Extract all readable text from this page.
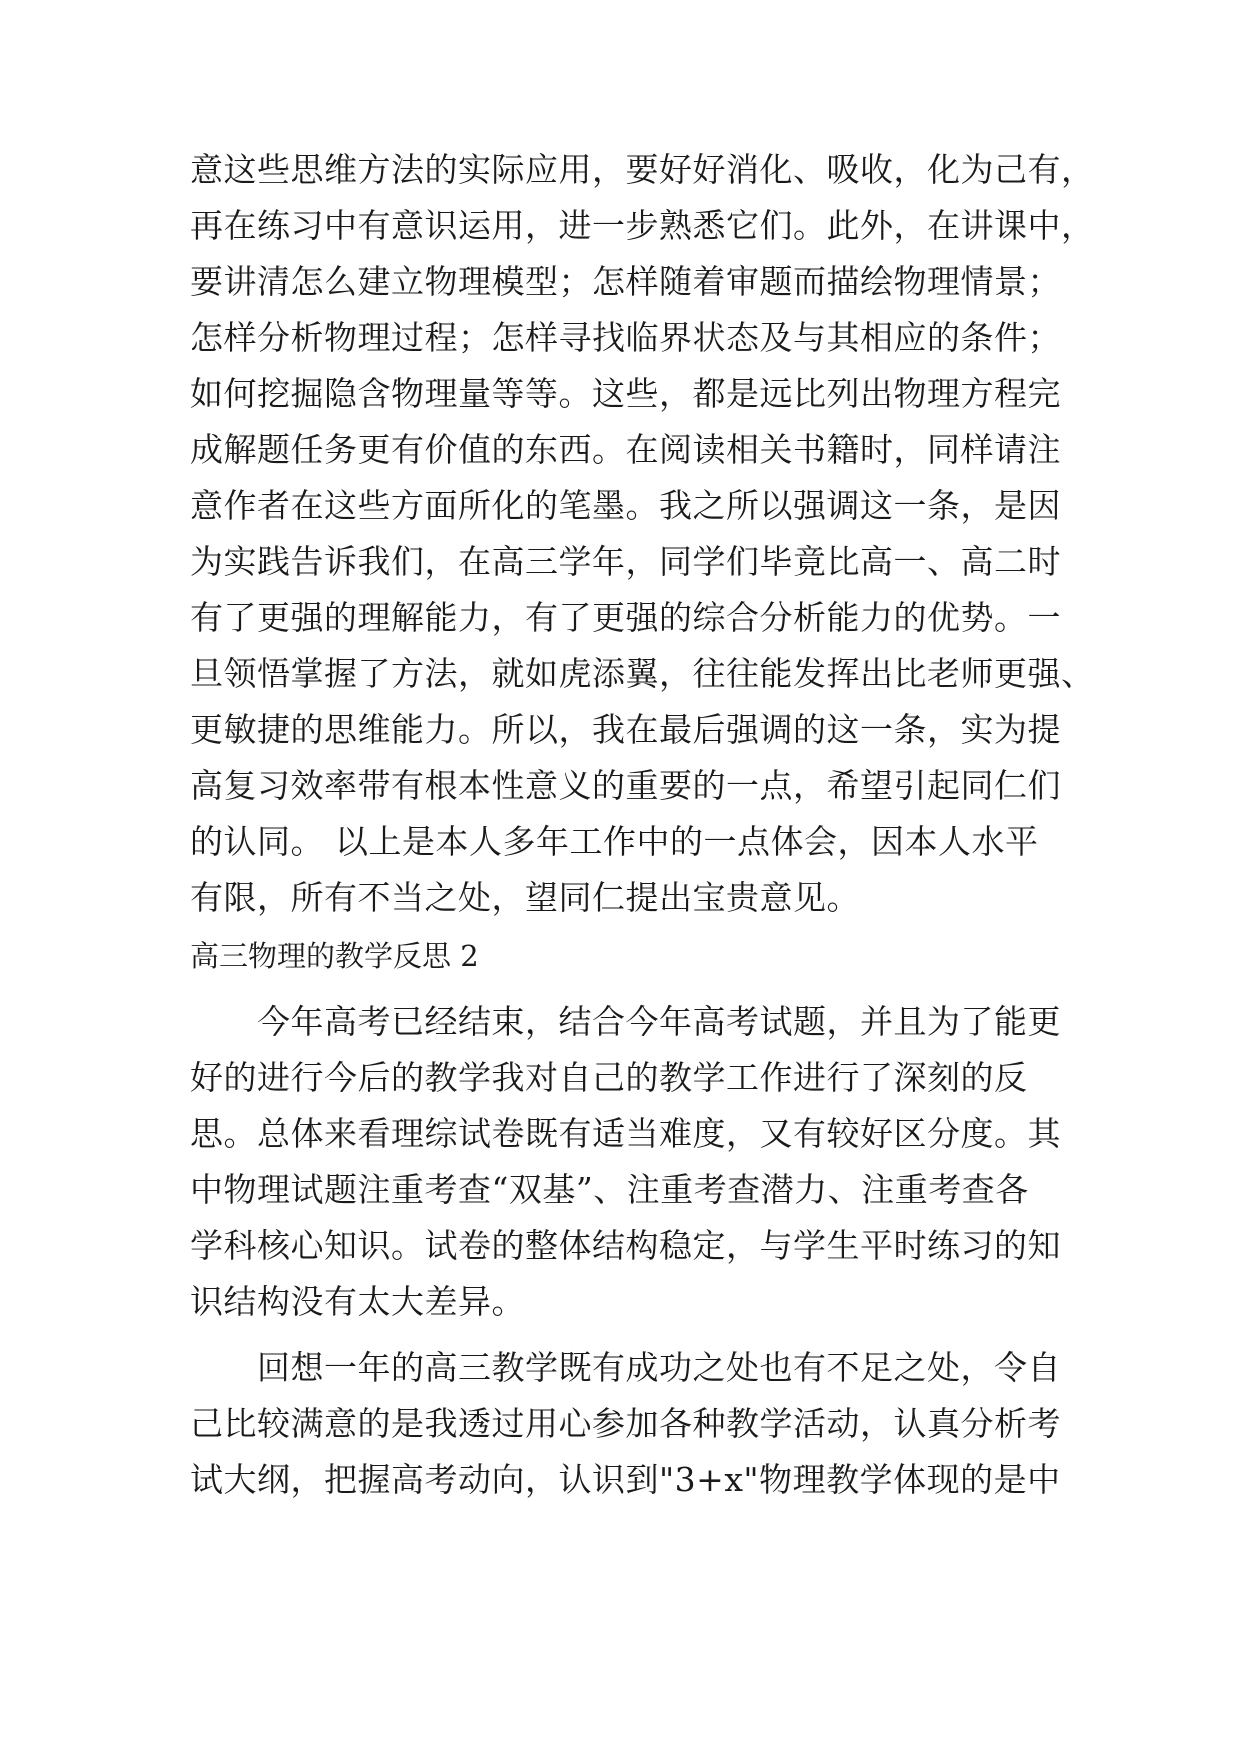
意这些思维方法的实际应用，要好好消化、吸收，化为己有，

再在练习中有意识运用，进一步熟悉它们。此外，在讲课中，

要讲清怎么建立物理模型；怎样随着审题而描绘物理情景；

怎样分析物理过程；怎样寻找临界状态及与其相应的条件；

如何挖掘隐含物理量等等。这些，都是远比列出物理方程完

成解题任务更有价值的东西。在阅读相关书籍时，同样请注

意作者在这些方面所化的笔墨。我之所以强调这一条，是因

为实践告诉我们，在高三学年，同学们毕竟比高一、高二时

有了更强的理解能力，有了更强的综合分析能力的优势。一

旦领悟掌握了方法，就如虎添翼，往往能发挥出比老师更强、

更敏捷的思维能力。所以，我在最后强调的这一条，实为提

高复习效率带有根本性意义的重要的一点，希望引起同仁们

的认同。 以上是本人多年工作中的一点体会，因本人水平

有限，所有不当之处，望同仁提出宝贵意见。

高三物理的教学反思 2

今年高考已经结束，结合今年高考试题，并且为了能更

好的进行今后的教学我对自己的教学工作进行了深刻的反

思。总体来看理综试卷既有适当难度，又有较好区分度。其

中物理试题注重考查“双基”、注重考查潜力、注重考查各

学科核心知识。试卷的整体结构稳定，与学生平时练习的知

识结构没有太大差异。

回想一年的高三教学既有成功之处也有不足之处，令自

己比较满意的是我透过用心参加各种教学活动，认真分析考

试大纲，把握高考动向，认识到"3+x"物理教学体现的是中
